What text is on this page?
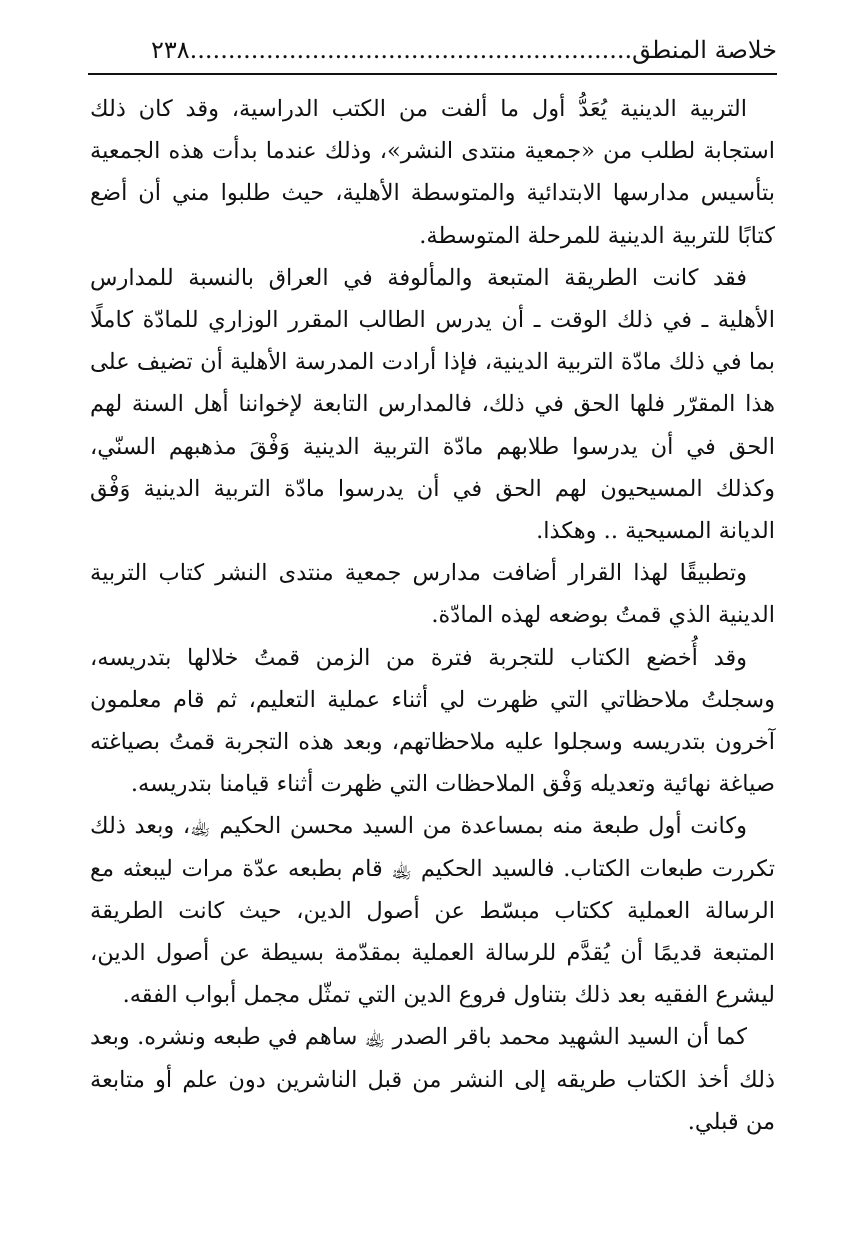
خلاصة المنطق..........................................................٢٣٨

التربية الدينية يُعَدُّ أول ما ألفت من الكتب الدراسية، وقد كان ذلك استجابة لطلب من «جمعية منتدى النشر»، وذلك عندما بدأت هذه الجمعية بتأسيس مدارسها الابتدائية والمتوسطة الأهلية، حيث طلبوا مني أن أضع كتابًا للتربية الدينية للمرحلة المتوسطة.

فقد كانت الطريقة المتبعة والمألوفة في العراق بالنسبة للمدارس الأهلية ـ في ذلك الوقت ـ أن يدرس الطالب المقرر الوزاري للمادّة كاملًا بما في ذلك مادّة التربية الدينية، فإذا أرادت المدرسة الأهلية أن تضيف على هذا المقرّر فلها الحق في ذلك، فالمدارس التابعة لإخواننا أهل السنة لهم الحق في أن يدرسوا طلابهم مادّة التربية الدينية وَفْقَ مذهبهم السنّي، وكذلك المسيحيون لهم الحق في أن يدرسوا مادّة التربية الدينية وَفْق الديانة المسيحية .. وهكذا.

وتطبيقًا لهذا القرار أضافت مدارس جمعية منتدى النشر كتاب التربية الدينية الذي قمتُ بوضعه لهذه المادّة.

وقد أُخضع الكتاب للتجربة فترة من الزمن قمتُ خلالها بتدريسه، وسجلتُ ملاحظاتي التي ظهرت لي أثناء عملية التعليم، ثم قام معلمون آخرون بتدريسه وسجلوا عليه ملاحظاتهم، وبعد هذه التجربة قمتُ بصياغته صياغة نهائية وتعديله وَفْق الملاحظات التي ظهرت أثناء قيامنا بتدريسه.

وكانت أول طبعة منه بمساعدة من السيد محسن الحكيم ﵀، وبعد ذلك تكررت طبعات الكتاب. فالسيد الحكيم ﵀ قام بطبعه عدّة مرات ليبعثه مع الرسالة العملية ككتاب مبسّط عن أصول الدين، حيث كانت الطريقة المتبعة قديمًا أن يُقدَّم للرسالة العملية بمقدّمة بسيطة عن أصول الدين، ليشرع الفقيه بعد ذلك بتناول فروع الدين التي تمثّل مجمل أبواب الفقه.

كما أن السيد الشهيد محمد باقر الصدر ﵀ ساهم في طبعه ونشره. وبعد ذلك أخذ الكتاب طريقه إلى النشر من قبل الناشرين دون علم أو متابعة من قبلي.
